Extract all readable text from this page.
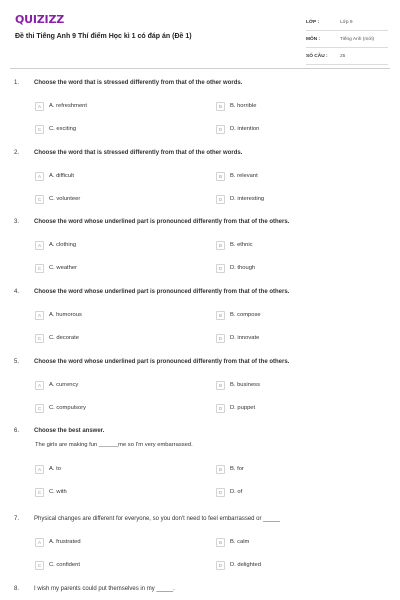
QUIZIZZ
Đề thi Tiếng Anh 9 Thí điểm Học kì 1 có đáp án (Đề 1)
LỚP :	Lớp 9
MÔN :	Tiếng Anh (mới)
SỐ CÂU :	25
1. Choose the word that is stressed differently from that of the other words.
A	A. refreshment	B	B. horrible
C	C. exciting	D	D. intention
2. Choose the word that is stressed differently from that of the other words.
A	A. difficult	B	B. relevant
C	C. volunteer	D	D. interesting
3. Choose the word whose underlined part is pronounced differently from that of the others.
A	A. clothing	B	B. ethnic
C	C. weather	D	D. though
4. Choose the word whose underlined part is pronounced differently from that of the others.
A	A. humorous	B	B. compose
C	C. decorate	D	D. innovate
5. Choose the word whose underlined part is pronounced differently from that of the others.
A	A. currency	B	B. business
C	C. compulsory	D	D. puppet
6. Choose the best answer.
The girls are making fun ______me so I'm very embarrassed.
A	A. to	B	B. for
C	C. with	D	D. of
7. Physical changes are different for everyone, so you don't need to feel embarrassed or _____
A	A. frustrated	B	B. calm
C	C. confident	D	D. delighted
8. I wish my parents could put themselves in my _____.
